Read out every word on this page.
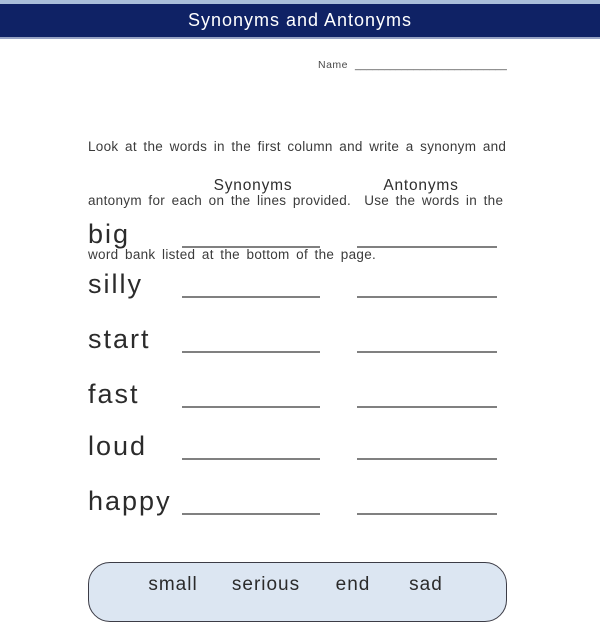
Synonyms and Antonyms
Name __________________________

Look at the words in the first column and write a synonym and

antonym for each on the lines provided.  Use the words in the

word bank listed at the bottom of the page.

Synonyms	Antonyms
big
silly
start
fast
loud
happy
small serious end sad
